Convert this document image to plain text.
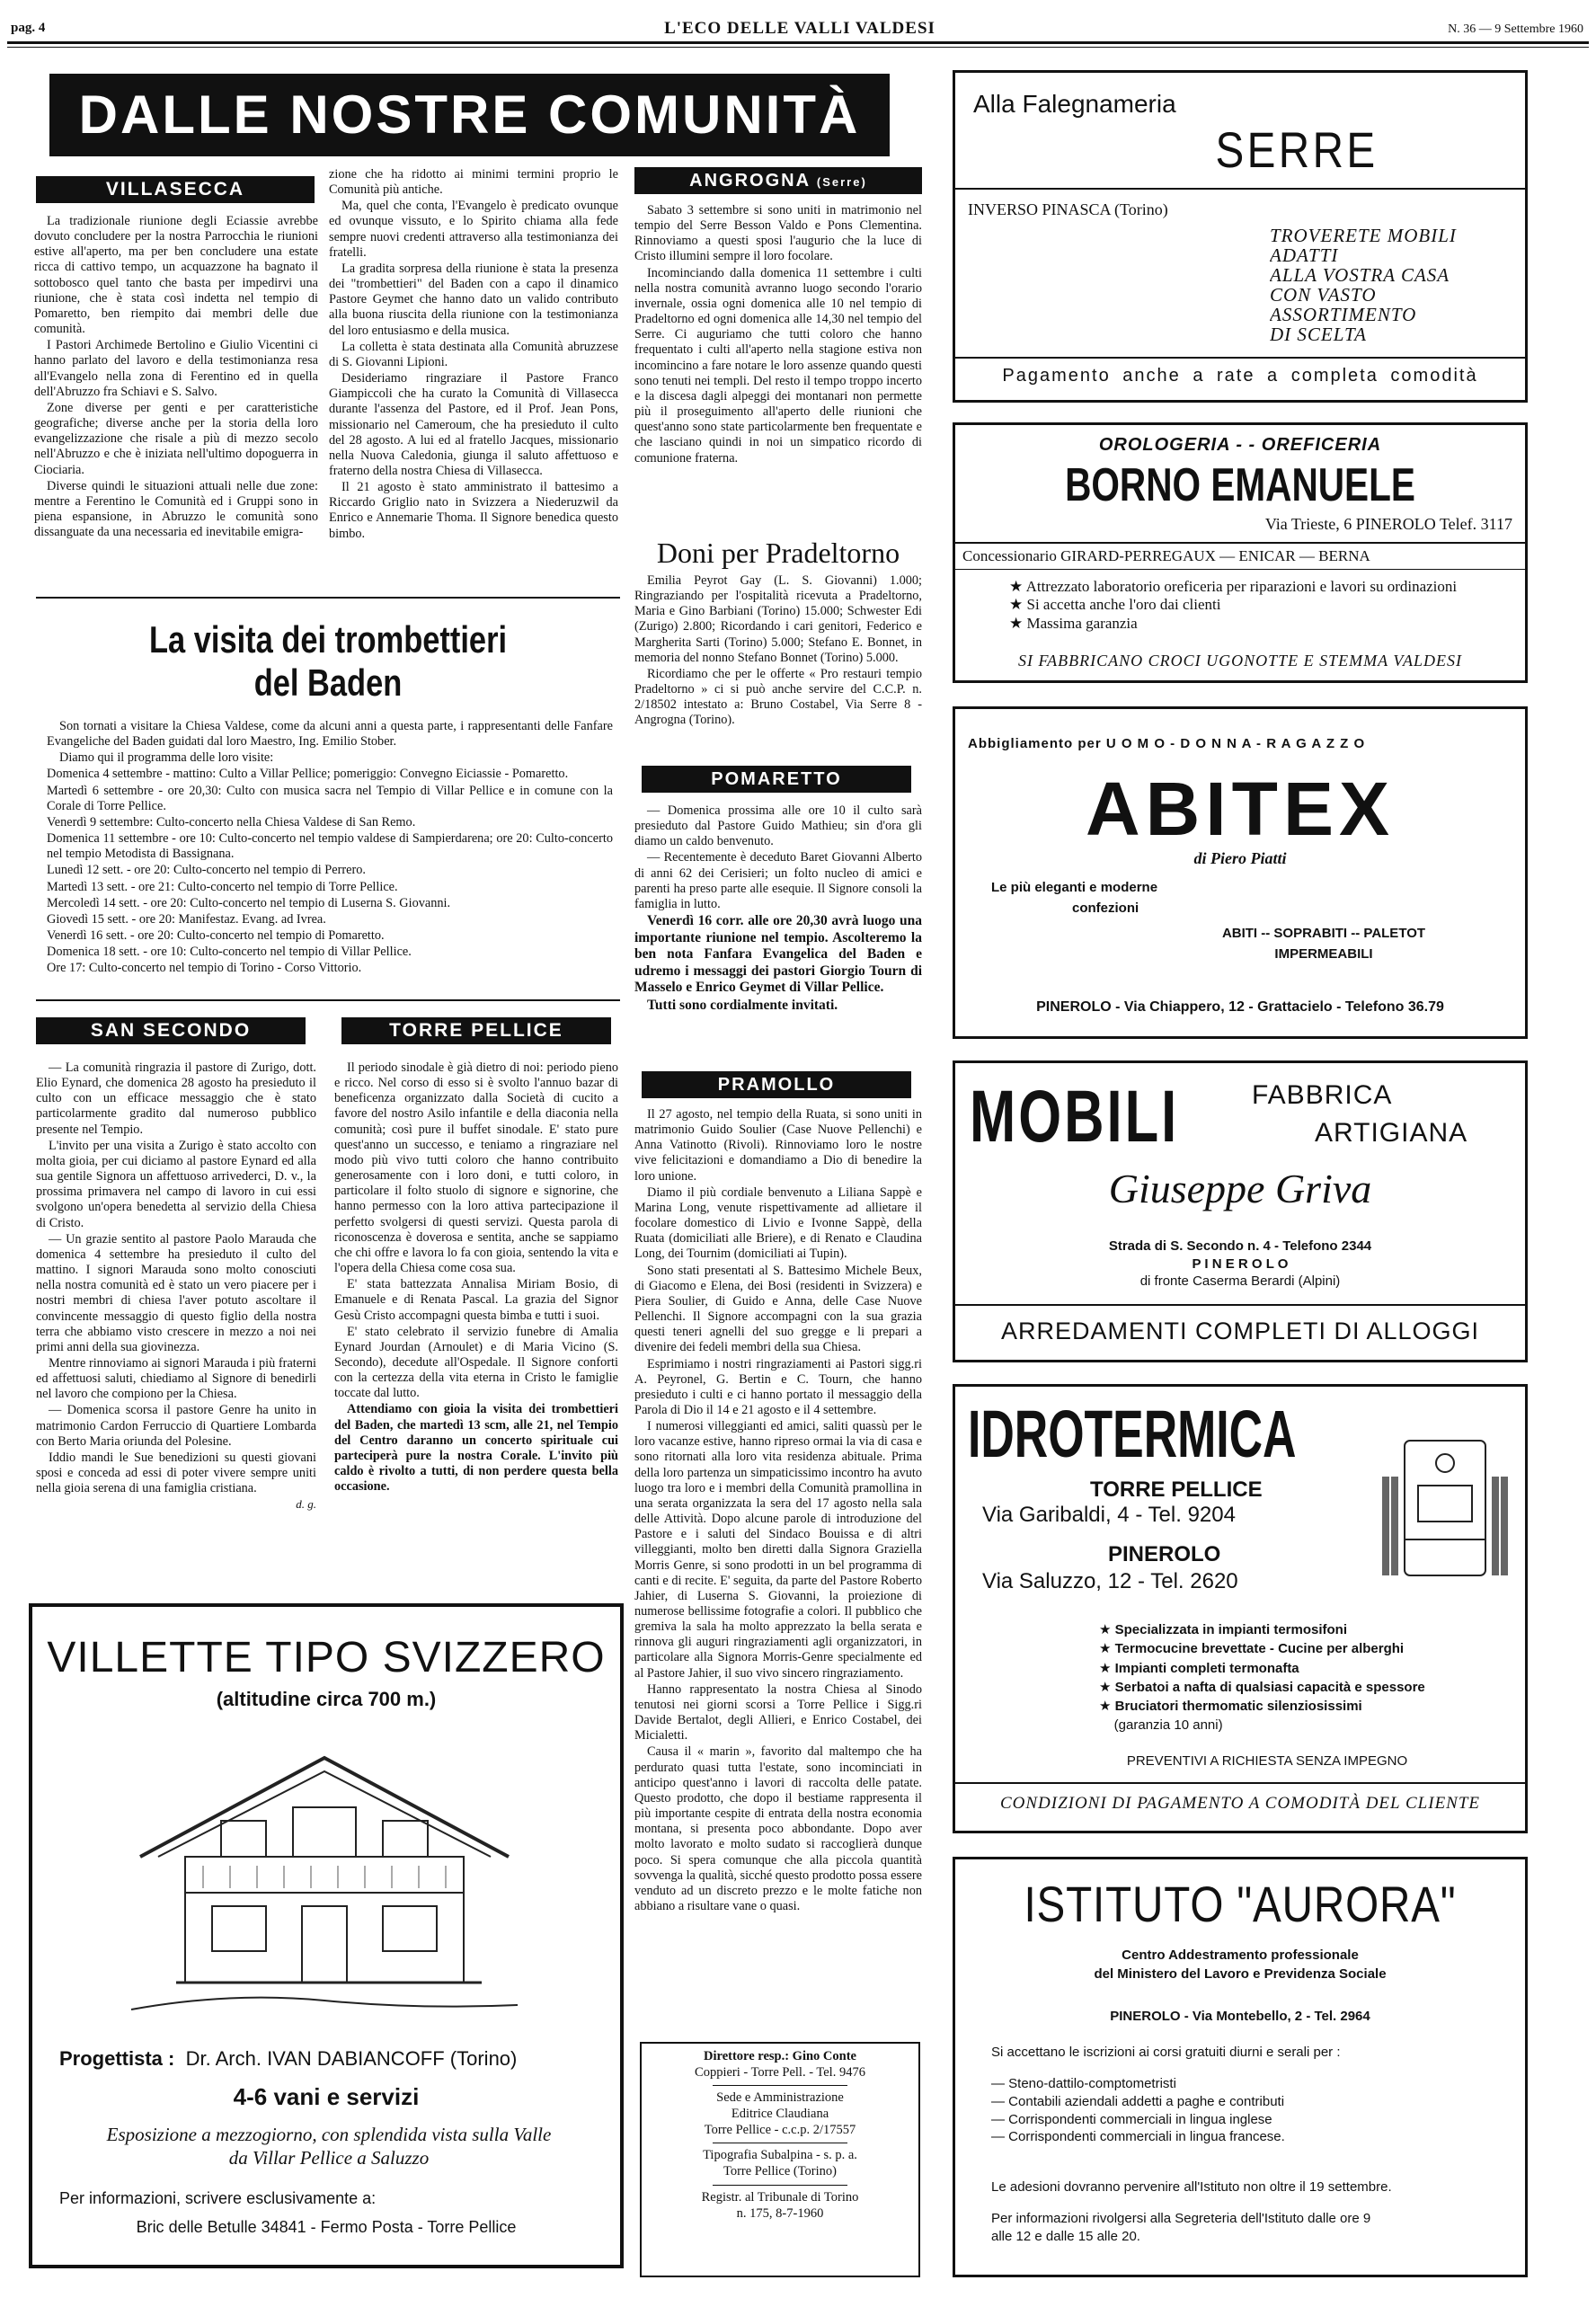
pag. 4	L'ECO DELLE VALLI VALDESI	N. 36 — 9 Settembre 1960
DALLE NOSTRE COMUNITÀ
VILLASECCA

La tradizionale riunione degli Eciassie avrebbe dovuto concludere per la nostra Parrocchia le riunioni estive all'aperto, ma per ben concludere una estate ricca di cattivo tempo, un acquazzone ha bagnato il sottobosco quel tanto che basta per impedirvi una riunione, che è stata così indetta nel tempio di Pomaretto, ben riempito dai membri delle due comunità.

I Pastori Archimede Bertolino e Giulio Vicentini ci hanno parlato del lavoro e della testimonianza resa all'Evangelo nella zona di Ferentino ed in quella dell'Abruzzo fra Schiavi e S. Salvo.

Zone diverse per genti e per caratteristiche geografiche; diverse anche per la storia della loro evangelizzazione che risale a più di mezzo secolo nell'Abruzzo e che è iniziata nell'ultimo dopoguerra in Ciociaria.

Diverse quindi le situazioni attuali nelle due zone: mentre a Ferentino le Comunità ed i Gruppi sono in piena espansione, in Abruzzo le comunità sono dissanguate da una necessaria ed inevitabile emigra-

zione che ha ridotto ai minimi termini proprio le Comunità più antiche.

Ma, quel che conta, l'Evangelo è predicato ovunque ed ovunque vissuto, e lo Spirito chiama alla fede sempre nuovi credenti attraverso alla testimonianza dei fratelli.

La gradita sorpresa della riunione è stata la presenza dei "trombettieri" del Baden con a capo il dinamico Pastore Geymet che hanno dato un valido contributo alla buona riuscita della riunione con la testimonianza del loro entusiasmo e della musica.

La colletta è stata destinata alla Comunità abruzzese di S. Giovanni Lipioni.

Desideriamo ringraziare il Pastore Franco Giampiccoli che ha curato la Comunità di Villasecca durante l'assenza del Pastore, ed il Prof. Jean Pons, missionario nel Cameroum, che ha presieduto il culto del 28 agosto. A lui ed al fratello Jacques, missionario nella Nuova Caledonia, giunga il saluto affettuoso e fraterno della nostra Chiesa di Villasecca.

Il 21 agosto è stato amministrato il battesimo a Riccardo Griglio nato in Svizzera a Niederuzwil da Enrico e Annemarie Thoma. Il Signore benedica questo bimbo.

La visita dei trombettieri
del Baden

Son tornati a visitare la Chiesa Valdese, come da alcuni anni a questa parte, i rappresentanti delle Fanfare Evangeliche del Baden guidati dal loro Maestro, Ing. Emilio Stober.

Diamo qui il programma delle loro visite:

Domenica 4 settembre - mattino: Culto a Villar Pellice; pomeriggio: Convegno Eiciassie - Pomaretto.

Martedì 6 settembre - ore 20,30: Culto con musica sacra nel Tempio di Villar Pellice e in comune con la Corale di Torre Pellice.

Venerdì 9 settembre: Culto-concerto nella Chiesa Valdese di San Remo.

Domenica 11 settembre - ore 10: Culto-concerto nel tempio valdese di Sampierdarena; ore 20: Culto-concerto nel tempio Metodista di Bassignana.

Lunedì 12 sett. - ore 20: Culto-concerto nel tempio di Perrero.

Martedì 13 sett. - ore 21: Culto-concerto nel tempio di Torre Pellice.

Mercoledì 14 sett. - ore 20: Culto-concerto nel tempio di Luserna S. Giovanni.

Giovedì 15 sett. - ore 20: Manifestaz. Evang. ad Ivrea.

Venerdì 16 sett. - ore 20: Culto-concerto nel tempio di Pomaretto.

Domenica 18 sett. - ore 10: Culto-concerto nel tempio di Villar Pellice.

Ore 17: Culto-concerto nel tempio di Torino - Corso Vittorio.

SAN SECONDO

— La comunità ringrazia il pastore di Zurigo, dott. Elio Eynard, che domenica 28 agosto ha presieduto il culto con un efficace messaggio che è stato particolarmente gradito dal numeroso pubblico presente nel Tempio.

L'invito per una visita a Zurigo è stato accolto con molta gioia, per cui diciamo al pastore Eynard ed alla sua gentile Signora un affettuoso arrivederci, D. v., la prossima primavera nel campo di lavoro in cui essi svolgono un'opera benedetta al servizio della Chiesa di Cristo.

— Un grazie sentito al pastore Paolo Marauda che domenica 4 settembre ha presieduto il culto del mattino. I signori Marauda sono molto conosciuti nella nostra comunità ed è stato un vero piacere per i nostri membri di chiesa l'aver potuto ascoltare il convincente messaggio di questo figlio della nostra terra che abbiamo visto crescere in mezzo a noi nei primi anni della sua giovinezza.

Mentre rinnoviamo ai signori Marauda i più fraterni ed affettuosi saluti, chiediamo al Signore di benedirli nel lavoro che compiono per la Chiesa.

— Domenica scorsa il pastore Genre ha unito in matrimonio Cardon Ferruccio di Quartiere Lombarda con Berto Maria oriunda del Polesine.

Iddio mandi le Sue benedizioni su questi giovani sposi e conceda ad essi di poter vivere sempre uniti nella gioia serena di una famiglia cristiana.

d. g.
TORRE PELLICE

Il periodo sinodale è già dietro di noi: periodo pieno e ricco. Nel corso di esso si è svolto l'annuo bazar di beneficenza organizzato dalla Società di cucito a favore del nostro Asilo infantile e della diaconia nella comunità; così pure il buffet sinodale. E' stato pure quest'anno un successo, e teniamo a ringraziare nel modo più vivo tutti coloro che hanno contribuito generosamente con i loro doni, e tutti coloro, in particolare il folto stuolo di signore e signorine, che hanno permesso con la loro attiva partecipazione il perfetto svolgersi di questi servizi. Questa parola di riconoscenza è doverosa e sentita, anche se sappiamo che chi offre e lavora lo fa con gioia, sentendo la vita e l'opera della Chiesa come cosa sua.

E' stata battezzata Annalisa Miriam Bosio, di Emanuele e di Renata Pascal. La grazia del Signor Gesù Cristo accompagni questa bimba e tutti i suoi.

E' stato celebrato il servizio funebre di Amalia Eynard Jourdan (Arnoulet) e di Maria Vicino (S. Secondo), decedute all'Ospedale. Il Signore conforti con la certezza della vita eterna in Cristo le famiglie toccate dal lutto.

Attendiamo con gioia la visita dei trombettieri del Baden, che martedì 13 scm, alle 21, nel Tempio del Centro daranno un concerto spirituale cui parteciperà pure la nostra Corale. L'invito più caldo è rivolto a tutti, di non perdere questa bella occasione.

VILLETTE TIPO SVIZZERO
(altitudine circa 700 m.)
Progettista : Dr. Arch. IVAN DABIANCOFF (Torino)
4-6 vani e servizi
Esposizione a mezzogiorno, con splendida vista sulla Valle
da Villar Pellice a Saluzzo
Per informazioni, scrivere esclusivamente a:
Bric delle Betulle 34841 - Fermo Posta - Torre Pellice
ANGROGNA (Serre)

Sabato 3 settembre si sono uniti in matrimonio nel tempio del Serre Besson Valdo e Pons Clementina. Rinnoviamo a questi sposi l'augurio che la luce di Cristo illumini sempre il loro focolare.

Incominciando dalla domenica 11 settembre i culti nella nostra comunità avranno luogo secondo l'orario invernale, ossia ogni domenica alle 10 nel tempio di Pradeltorno ed ogni domenica alle 14,30 nel tempio del Serre. Ci auguriamo che tutti coloro che hanno frequentato i culti all'aperto nella stagione estiva non incomincino a fare notare le loro assenze quando questi sono tenuti nei templi. Del resto il tempo troppo incerto e la discesa dagli alpeggi dei montanari non permette più il proseguimento all'aperto delle riunioni che quest'anno sono state particolarmente ben frequentate e che lasciano quindi in noi un simpatico ricordo di comunione fraterna.

Doni per Pradeltorno

Emilia Peyrot Gay (L. S. Giovanni) 1.000; Ringraziando per l'ospitalità ricevuta a Pradeltorno, Maria e Gino Barbiani (Torino) 15.000; Schwester Edi (Zurigo) 2.800; Ricordando i cari genitori, Federico e Margherita Sarti (Torino) 5.000; Stefano E. Bonnet, in memoria del nonno Stefano Bonnet (Torino) 5.000.

Ricordiamo che per le offerte « Pro restauri tempio Pradeltorno » ci si può anche servire del C.C.P. n. 2/18502 intestato a: Bruno Costabel, Via Serre 8 - Angrogna (Torino).

POMARETTO

— Domenica prossima alle ore 10 il culto sarà presieduto dal Pastore Guido Mathieu; sin d'ora gli diamo un caldo benvenuto.

— Recentemente è deceduto Baret Giovanni Alberto di anni 62 dei Cerisieri; un folto nucleo di amici e parenti ha preso parte alle esequie. Il Signore consoli la famiglia in lutto.

Venerdì 16 corr. alle ore 20,30 avrà luogo una importante riunione nel tempio. Ascolteremo la ben nota Fanfara Evangelica del Baden e udremo i messaggi dei pastori Giorgio Tourn di Masselo e Enrico Geymet di Villar Pellice.

Tutti sono cordialmente invitati.

PRAMOLLO

Il 27 agosto, nel tempio della Ruata, si sono uniti in matrimonio Guido Soulier (Case Nuove Pellenchi) e Anna Vatinotto (Rivoli). Rinnoviamo loro le nostre vive felicitazioni e domandiamo a Dio di benedire la loro unione.

Diamo il più cordiale benvenuto a Liliana Sappè e Marina Long, venute rispettivamente ad allietare il focolare domestico di Livio e Ivonne Sappè, della Ruata (domiciliati alle Briere), e di Renato e Claudina Long, dei Tournim (domiciliati ai Tupin).

Sono stati presentati al S. Battesimo Michele Beux, di Giacomo e Elena, dei Bosi (residenti in Svizzera) e Piera Soulier, di Guido e Anna, delle Case Nuove Pellenchi. Il Signore accompagni con la sua grazia questi teneri agnelli del suo gregge e li prepari a divenire dei fedeli membri della sua Chiesa.

Esprimiamo i nostri ringraziamenti ai Pastori sigg.ri A. Peyronel, G. Bertin e C. Tourn, che hanno presieduto i culti e ci hanno portato il messaggio della Parola di Dio il 14 e 21 agosto e il 4 settembre.

I numerosi villeggianti ed amici, saliti quassù per le loro vacanze estive, hanno ripreso ormai la via di casa e sono ritornati alla loro vita residenza abituale. Prima della loro partenza un simpaticissimo incontro ha avuto luogo tra loro e i membri della Comunità pramollina in una serata organizzata la sera del 17 agosto nella sala delle Attività. Dopo alcune parole di introduzione del Pastore e i saluti del Sindaco Bouissa e di altri villeggianti, molto ben diretti dalla Signora Graziella Morris Genre, si sono prodotti in un bel programma di canti e di recite. E' seguita, da parte del Pastore Roberto Jahier, di Luserna S. Giovanni, la proiezione di numerose bellissime fotografie a colori. Il pubblico che gremiva la sala ha molto apprezzato la bella serata e rinnova gli auguri ringraziamenti agli organizzatori, in particolare alla Signora Morris-Genre specialmente ed al Pastore Jahier, il suo vivo sincero ringraziamento.

Hanno rappresentato la nostra Chiesa al Sinodo tenutosi nei giorni scorsi a Torre Pellice i Sigg.ri Davide Bertalot, degli Allieri, e Enrico Costabel, dei Micialetti.

Causa il « marin », favorito dal maltempo che ha perdurato quasi tutta l'estate, sono incominciati in anticipo quest'anno i lavori di raccolta delle patate. Questo prodotto, che dopo il bestiame rappresenta il più importante cespite di entrata della nostra economia montana, si presenta poco abbondante. Dopo aver molto lavorato e molto sudato si raccoglierà dunque poco. Si spera comunque che alla piccola quantità sovvenga la qualità, sicché questo prodotto possa essere venduto ad un discreto prezzo e le molte fatiche non abbiano a risultare vane o quasi.

Direttore resp.: Gino Conte
Coppieri - Torre Pell. - Tel. 9476
Sede e Amministrazione
Editrice Claudiana
Torre Pellice - c.c.p. 2/17557
Tipografia Subalpina - s. p. a.
Torre Pellice (Torino)
Registr. al Tribunale di Torino
n. 175, 8-7-1960
Alla Falegnameria
SERRE
INVERSO PINASCA (Torino)
TROVERETE MOBILI
ADATTI
ALLA VOSTRA CASA
CON VASTO
ASSORTIMENTO
DI SCELTA
Pagamento anche a rate a completa comodità
OROLOGERIA - - OREFICERIA
BORNO EMANUELE
Via Trieste, 6 PINEROLO Telef. 3117
Concessionario GIRARD-PERREGAUX — ENICAR — BERNA
★ Attrezzato laboratorio oreficeria per riparazioni e lavori su ordinazioni
★ Si accetta anche l'oro dai clienti
★ Massima garanzia
SI FABBRICANO CROCI UGONOTTE E STEMMA VALDESI
Abbigliamento per U O M O - D O N N A - R A G A Z Z O
ABITEX
di Piero Piatti
Le più eleganti e moderne
confezioni
ABITI -- SOPRABITI -- PALETOT
IMPERMEABILI
PINEROLO - Via Chiappero, 12 - Grattacielo - Telefono 36.79
MOBILI	FABBRICA
ARTIGIANA
Giuseppe Griva
Strada di S. Secondo n. 4 - Telefono 2344
P I N E R O L O
di fronte Caserma Berardi (Alpini)
ARREDAMENTI COMPLETI DI ALLOGGI
IDROTERMICA
TORRE PELLICE
Via Garibaldi, 4 - Tel. 9204
PINEROLO
Via Saluzzo, 12 - Tel. 2620
★ Specializzata in impianti termosifoni
★ Termocucine brevettate - Cucine per alberghi
★ Impianti completi termonafta
★ Serbatoi a nafta di qualsiasi capacità e spessore
★ Bruciatori thermomatic silenziosissimi
(garanzia 10 anni)
PREVENTIVI A RICHIESTA SENZA IMPEGNO
CONDIZIONI DI PAGAMENTO A COMODITÀ DEL CLIENTE
ISTITUTO "AURORA"
Centro Addestramento professionale
del Ministero del Lavoro e Previdenza Sociale
PINEROLO - Via Montebello, 2 - Tel. 2964
Si accettano le iscrizioni ai corsi gratuiti diurni e serali per :
— Steno-dattilo-comptometristi
— Contabili aziendali addetti a paghe e contributi
— Corrispondenti commerciali in lingua inglese
— Corrispondenti commerciali in lingua francese.
Le adesioni dovranno pervenire all'Istituto non oltre il 19 settembre.
Per informazioni rivolgersi alla Segreteria dell'Istituto dalle ore 9
alle 12 e dalle 15 alle 20.
